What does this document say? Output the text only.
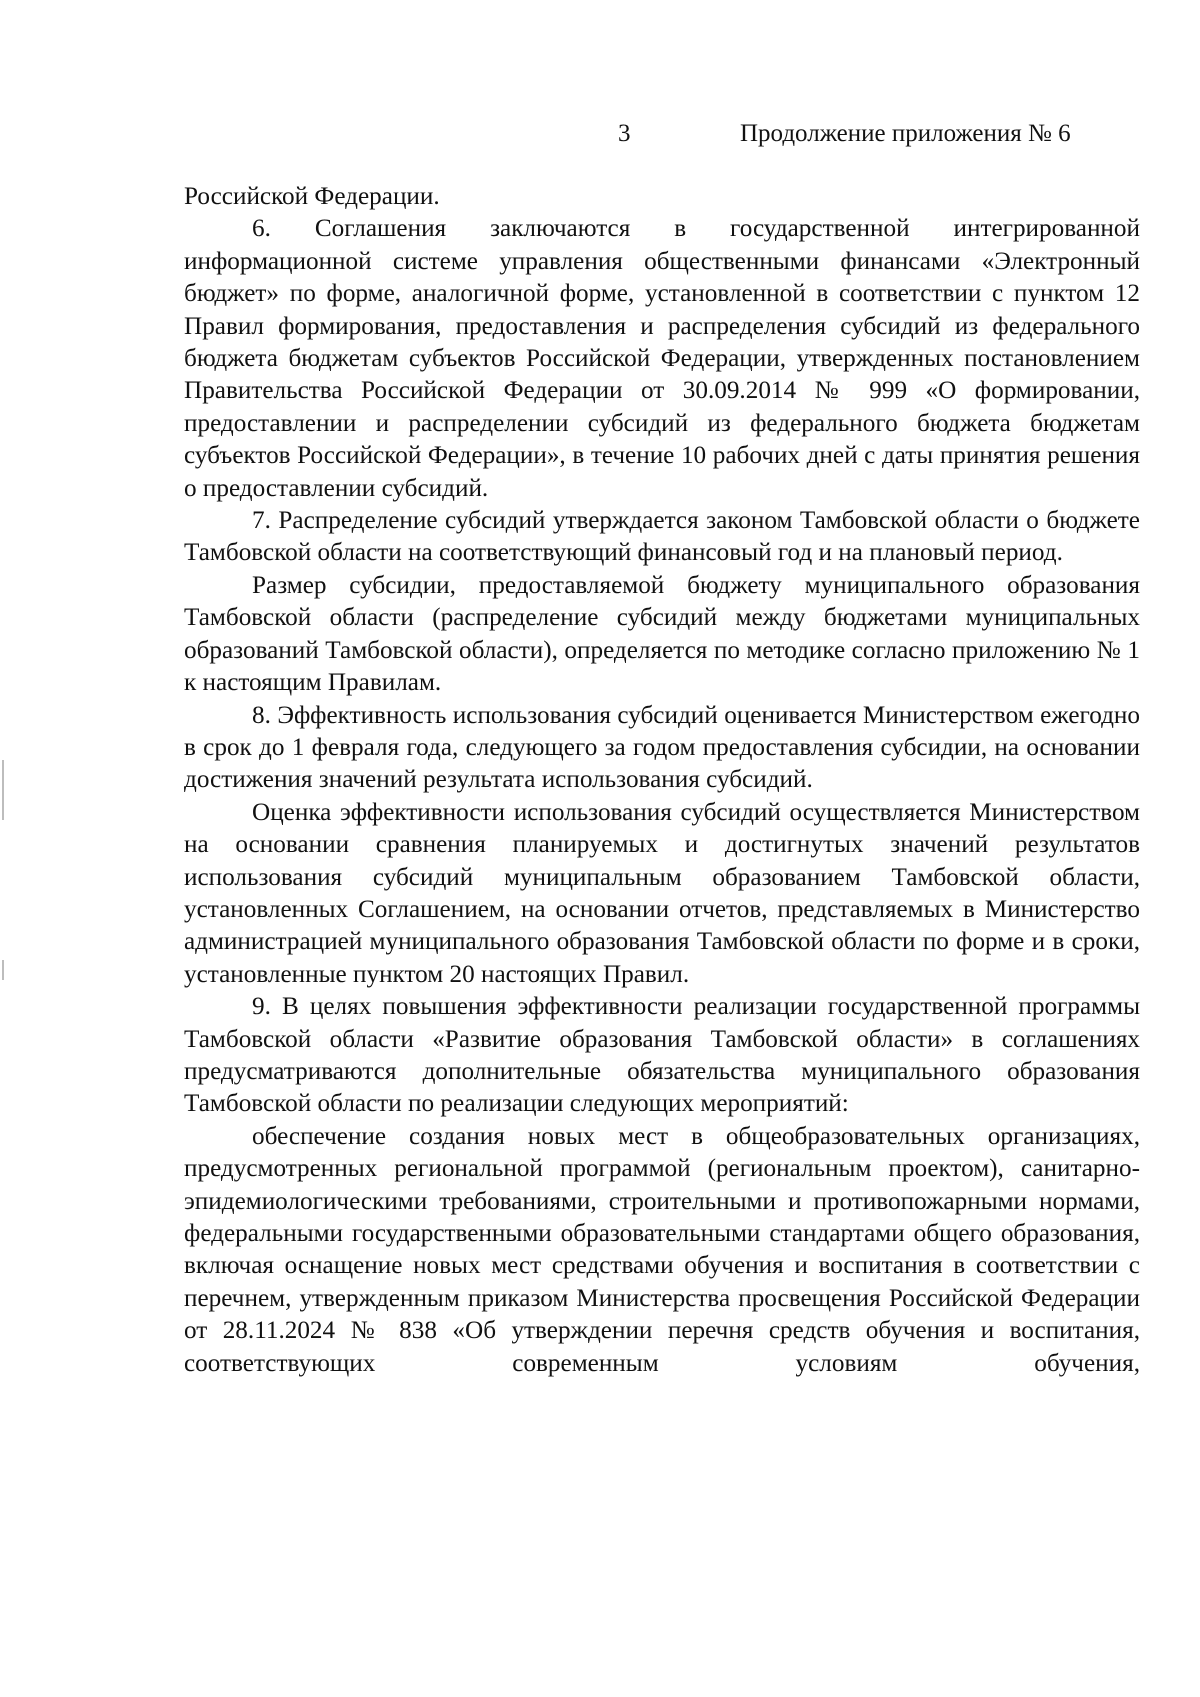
3	Продолжение приложения № 6

Российской Федерации.

6. Соглашения заключаются в государственной интегрированной информационной системе управления общественными финансами «Электронный бюджет» по форме, аналогичной форме, установленной в соответствии с пунктом 12 Правил формирования, предоставления и распределения субсидий из федерального бюджета бюджетам субъектов Российской Федерации, утвержденных постановлением Правительства Российской Федерации от 30.09.2014 № 999 «О формировании, предоставлении и распределении субсидий из федерального бюджета бюджетам субъектов Российской Федерации», в течение 10 рабочих дней с даты принятия решения о предоставлении субсидий.

7. Распределение субсидий утверждается законом Тамбовской области о бюджете Тамбовской области на соответствующий финансовый год и на плановый период.

Размер субсидии, предоставляемой бюджету муниципального образования Тамбовской области (распределение субсидий между бюджетами муниципальных образований Тамбовской области), определяется по методике согласно приложению № 1 к настоящим Правилам.

8. Эффективность использования субсидий оценивается Министерством ежегодно в срок до 1 февраля года, следующего за годом предоставления субсидии, на основании достижения значений результата использования субсидий.

Оценка эффективности использования субсидий осуществляется Министерством на основании сравнения планируемых и достигнутых значений результатов использования субсидий муниципальным образованием Тамбовской области, установленных Соглашением, на основании отчетов, представляемых в Министерство администрацией муниципального образования Тамбовской области по форме и в сроки, установленные пунктом 20 настоящих Правил.

9. В целях повышения эффективности реализации государственной программы Тамбовской области «Развитие образования Тамбовской области» в соглашениях предусматриваются дополнительные обязательства муниципального образования Тамбовской области по реализации следующих мероприятий:

обеспечение создания новых мест в общеобразовательных организациях, предусмотренных региональной программой (региональным проектом), санитарно-эпидемиологическими требованиями, строительными и противопожарными нормами, федеральными государственными образовательными стандартами общего образования, включая оснащение новых мест средствами обучения и воспитания в соответствии с перечнем, утвержденным приказом Министерства просвещения Российской Федерации от 28.11.2024 № 838 «Об утверждении перечня средств обучения и воспитания, соответствующих современным условиям обучения,
